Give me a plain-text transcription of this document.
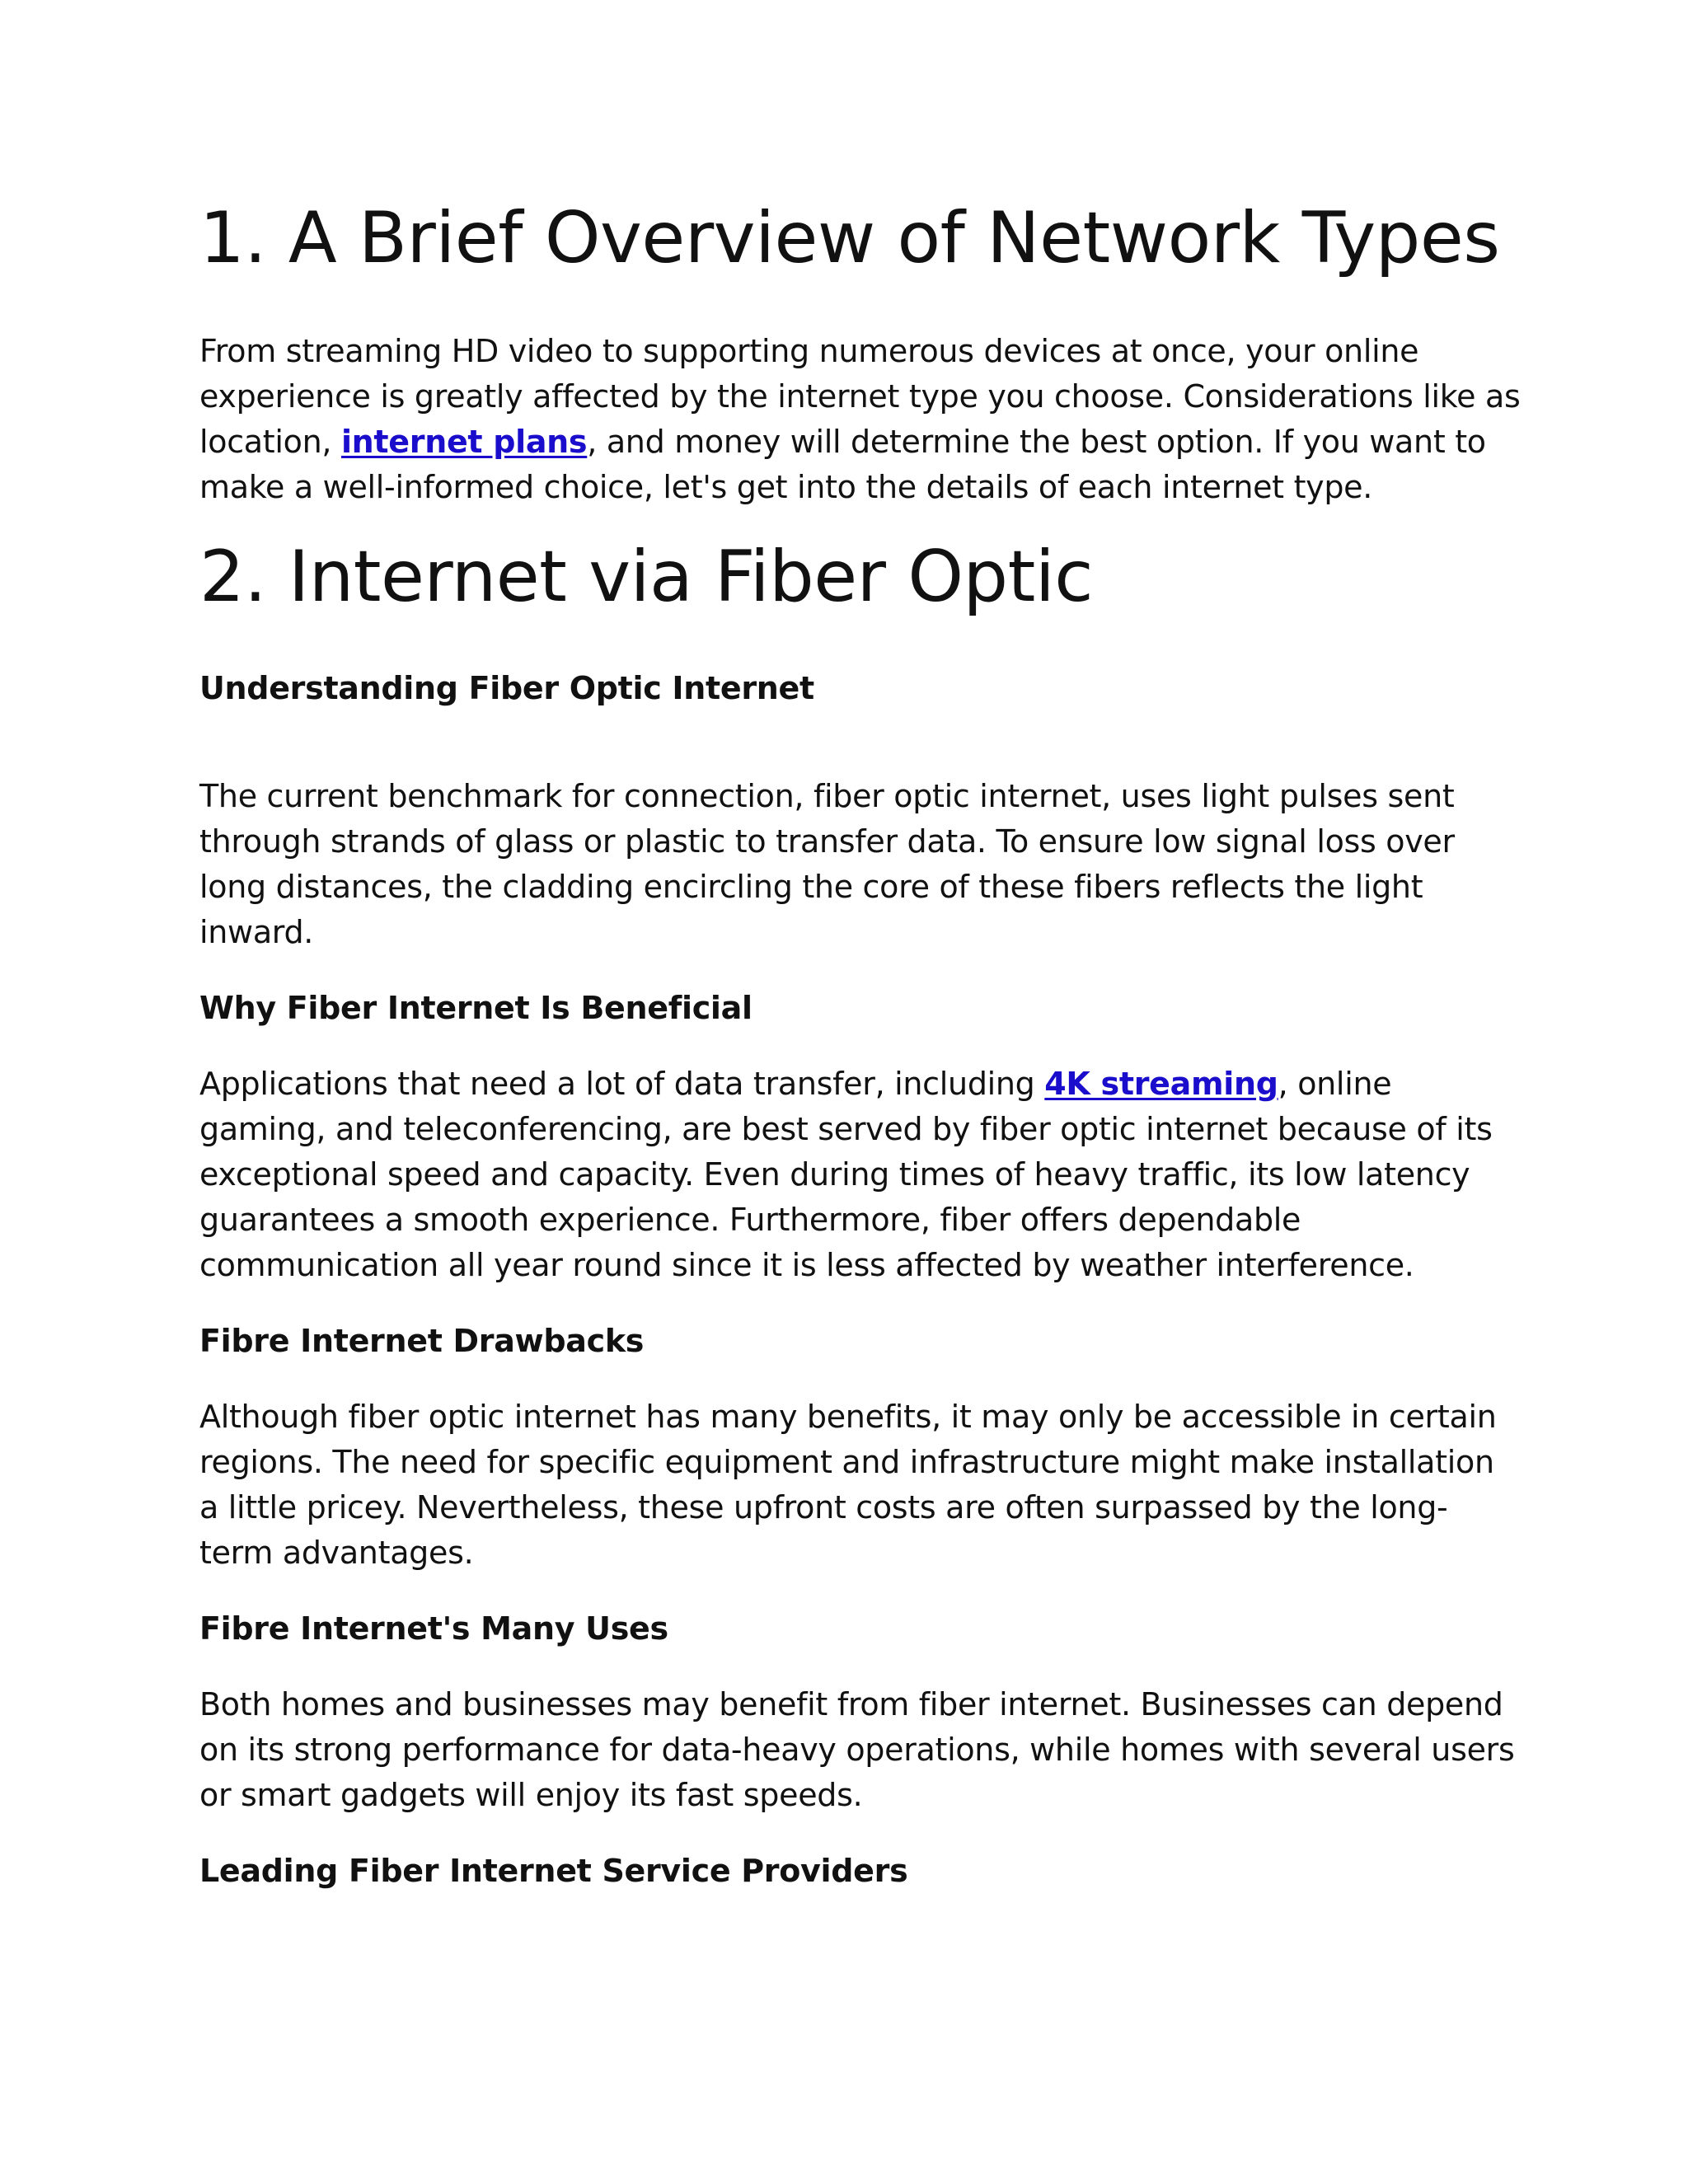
1. A Brief Overview of Network Types

From streaming HD video to supporting numerous devices at once, your online experience is greatly affected by the internet type you choose. Considerations like as location, internet plans, and money will determine the best option. If you want to make a well-informed choice, let's get into the details of each internet type.

2. Internet via Fiber Optic
Understanding Fiber Optic Internet

The current benchmark for connection, fiber optic internet, uses light pulses sent through strands of glass or plastic to transfer data. To ensure low signal loss over long distances, the cladding encircling the core of these fibers reflects the light inward.

Why Fiber Internet Is Beneficial

Applications that need a lot of data transfer, including 4K streaming, online gaming, and teleconferencing, are best served by fiber optic internet because of its exceptional speed and capacity. Even during times of heavy traffic, its low latency guarantees a smooth experience. Furthermore, fiber offers dependable communication all year round since it is less affected by weather interference.

Fibre Internet Drawbacks

Although fiber optic internet has many benefits, it may only be accessible in certain regions. The need for specific equipment and infrastructure might make installation a little pricey. Nevertheless, these upfront costs are often surpassed by the long-term advantages.

Fibre Internet's Many Uses

Both homes and businesses may benefit from fiber internet. Businesses can depend on its strong performance for data-heavy operations, while homes with several users or smart gadgets will enjoy its fast speeds.

Leading Fiber Internet Service Providers
